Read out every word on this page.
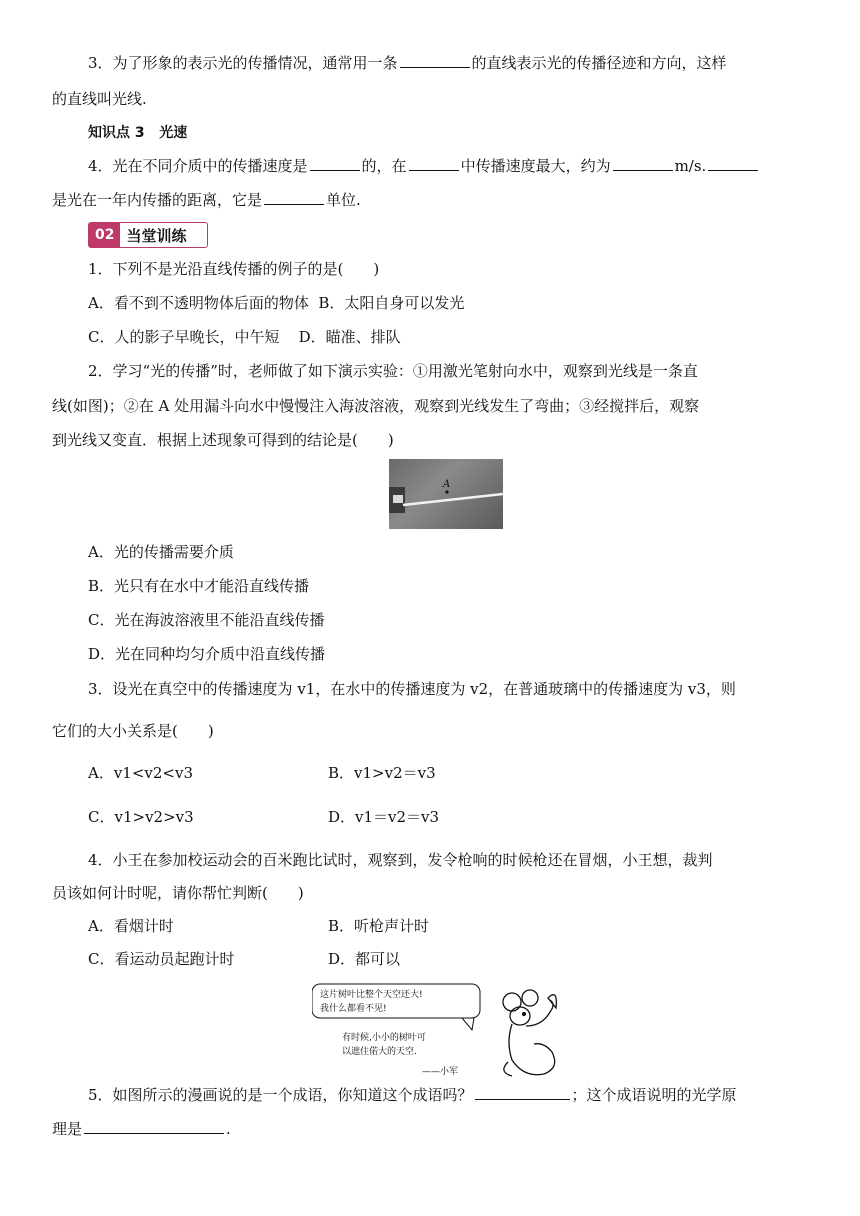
3．为了形象的表示光的传播情况，通常用一条	的直线表示光的传播径迹和方向，这样
的直线叫光线.
知识点 3 光速
4．光在不同介质中的传播速度是	的，在	中传播速度最大，约为	m/s.
是光在一年内传播的距离，它是	单位.
02 当堂训练
1．下列不是光沿直线传播的例子的是(　　)
A．看不到不透明物体后面的物体 B．太阳自身可以发光
C．人的影子早晚长，中午短 D．瞄准、排队
2．学习“光的传播”时，老师做了如下演示实验：①用激光笔射向水中，观察到光线是一条直
线(如图)；②在 A 处用漏斗向水中慢慢注入海波溶液，观察到光线发生了弯曲；③经搅拌后，观察
到光线又变直．根据上述现象可得到的结论是(　　)
A
A．光的传播需要介质
B．光只有在水中才能沿直线传播
C．光在海波溶液里不能沿直线传播
D．光在同种均匀介质中沿直线传播
3．设光在真空中的传播速度为 v1，在水中的传播速度为 v2，在普通玻璃中的传播速度为 v3，则
它们的大小关系是(　　)
A．v1<v2<v3	B．v1>v2＝v3
C．v1>v2>v3	D．v1＝v2＝v3
4．小王在参加校运动会的百米跑比试时，观察到，发令枪响的时候枪还在冒烟，小王想，裁判
员该如何计时呢，请你帮忙判断(　　)
A．看烟计时	B．听枪声计时
C．看运动员起跑计时	D．都可以
这片树叶比整个天空还大!
我什么都看不见!
有时候,小小的树叶可
以遮住偌大的天空.
——小军
5．如图所示的漫画说的是一个成语，你知道这个成语吗？	；这个成语说明的光学原
理是	.
